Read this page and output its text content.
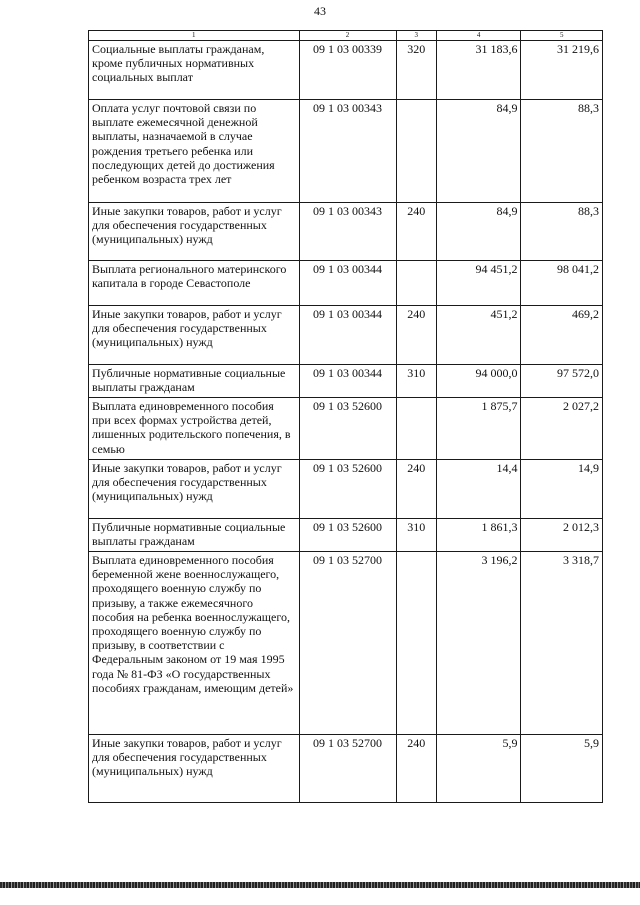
43
1	2	3	4	5
Социальные выплаты гражданам, кроме публичных нормативных социальных выплат	09 1 03 00339	320	31 183,6	31 219,6
Оплата услуг почтовой связи по выплате ежемесячной денежной выплаты, назначаемой в случае рождения третьего ребенка или последующих детей до достижения ребенком возраста трех лет	09 1 03 00343		84,9	88,3
Иные закупки товаров, работ и услуг для обеспечения государственных (муниципальных) нужд	09 1 03 00343	240	84,9	88,3
Выплата регионального материнского капитала в городе Севастополе	09 1 03 00344		94 451,2	98 041,2
Иные закупки товаров, работ и услуг для обеспечения государственных (муниципальных) нужд	09 1 03 00344	240	451,2	469,2
Публичные нормативные социальные выплаты гражданам	09 1 03 00344	310	94 000,0	97 572,0
Выплата единовременного пособия при всех формах устройства детей, лишенных родительского попечения, в семью	09 1 03 52600		1 875,7	2 027,2
Иные закупки товаров, работ и услуг для обеспечения государственных (муниципальных) нужд	09 1 03 52600	240	14,4	14,9
Публичные нормативные социальные выплаты гражданам	09 1 03 52600	310	1 861,3	2 012,3
Выплата единовременного пособия беременной жене военнослужащего, проходящего военную службу по призыву, а также ежемесячного пособия на ребенка военнослужащего, проходящего военную службу по призыву, в соответствии с Федеральным законом от 19 мая 1995 года № 81-ФЗ «О государственных пособиях гражданам, имеющим детей»	09 1 03 52700		3 196,2	3 318,7
Иные закупки товаров, работ и услуг для обеспечения государственных (муниципальных) нужд	09 1 03 52700	240	5,9	5,9
